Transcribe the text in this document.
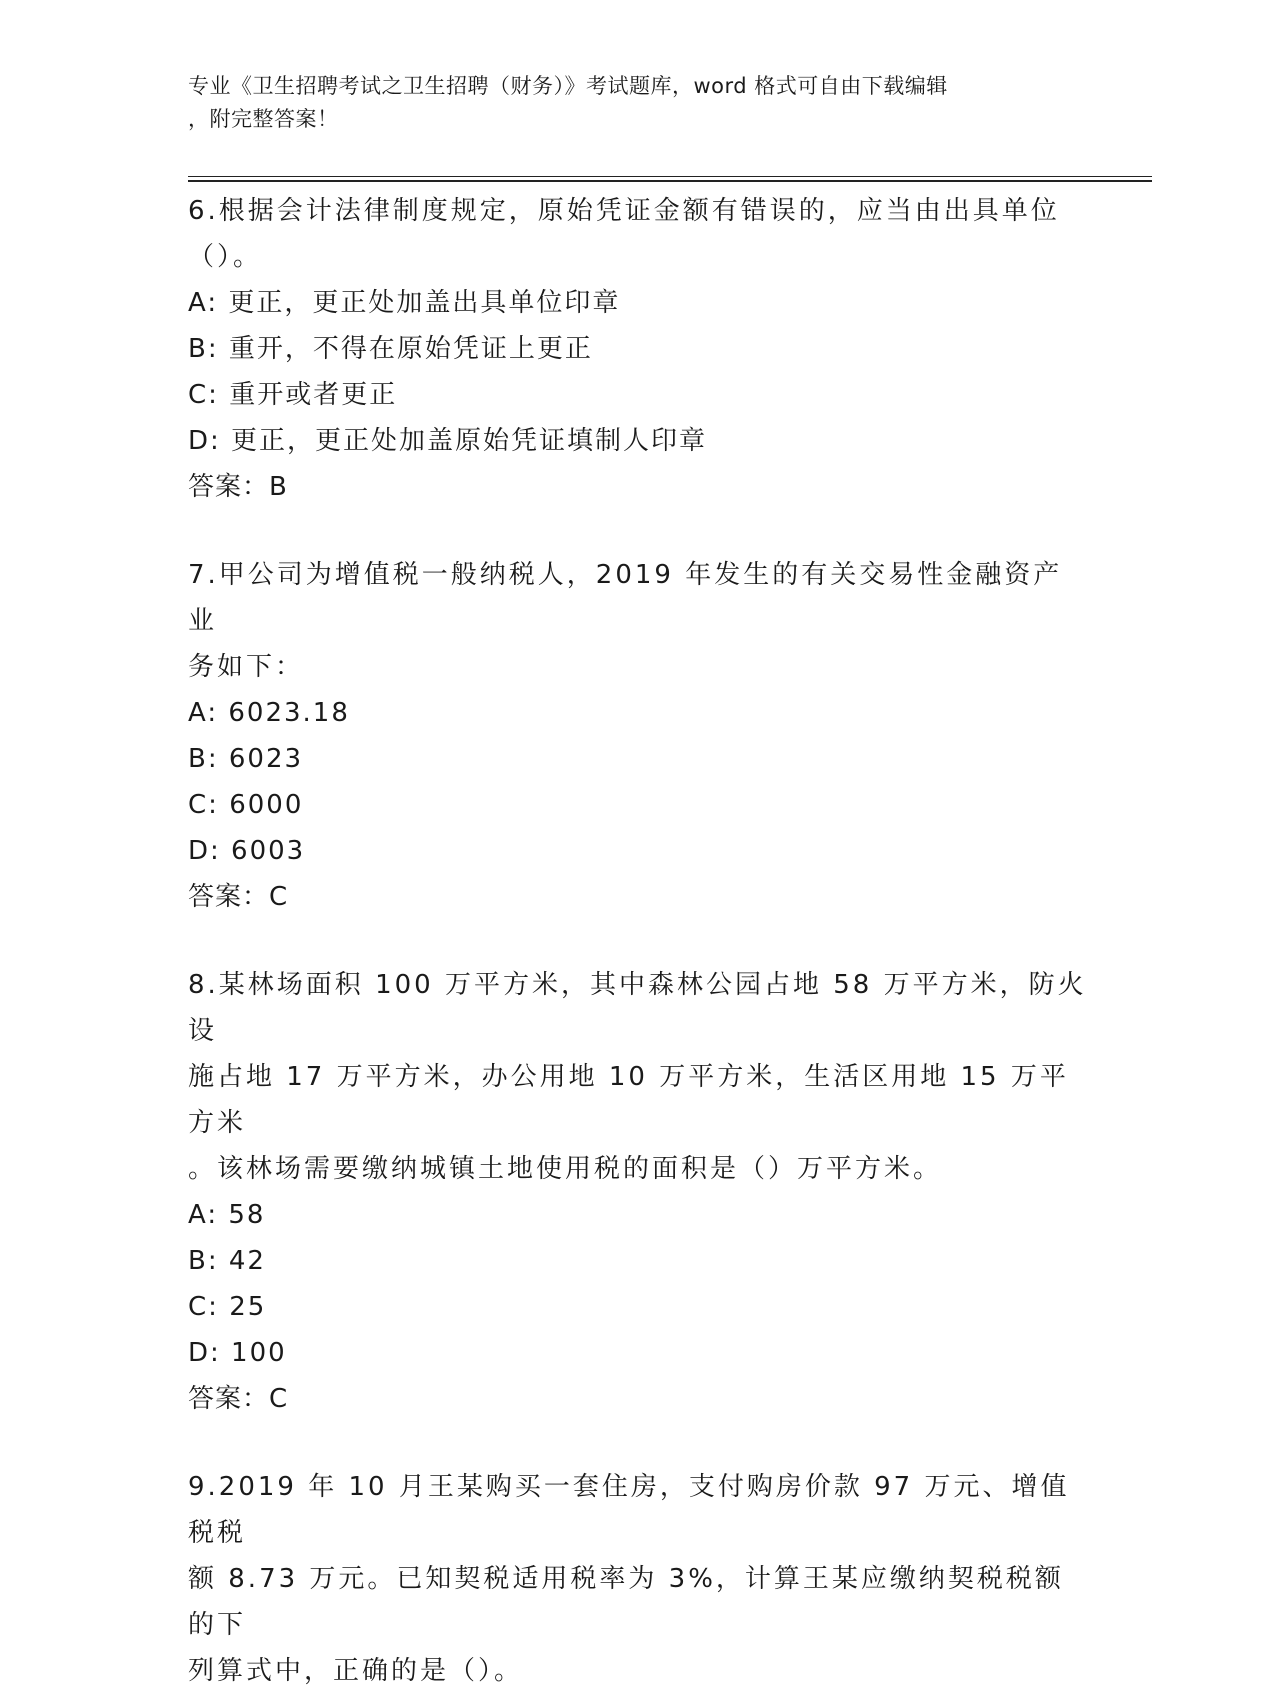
专业《卫生招聘考试之卫生招聘（财务）》考试题库，word 格式可自由下载编辑
，附完整答案！

6.根据会计法律制度规定，原始凭证金额有错误的，应当由出具单位

（）。

A: 更正，更正处加盖出具单位印章

B: 重开，不得在原始凭证上更正

C: 重开或者更正

D: 更正，更正处加盖原始凭证填制人印章

答案：B

7.甲公司为增值税一般纳税人，2019 年发生的有关交易性金融资产业

务如下：

A: 6023.18

B: 6023

C: 6000

D: 6003

答案：C

8.某林场面积 100 万平方米，其中森林公园占地 58 万平方米，防火设

施占地 17 万平方米，办公用地 10 万平方米，生活区用地 15 万平方米

。该林场需要缴纳城镇土地使用税的面积是（）万平方米。

A: 58

B: 42

C: 25

D: 100

答案：C

9.2019 年 10 月王某购买一套住房，支付购房价款 97 万元、增值税税

额 8.73 万元。已知契税适用税率为 3%，计算王某应缴纳契税税额的下

列算式中，正确的是（）。
